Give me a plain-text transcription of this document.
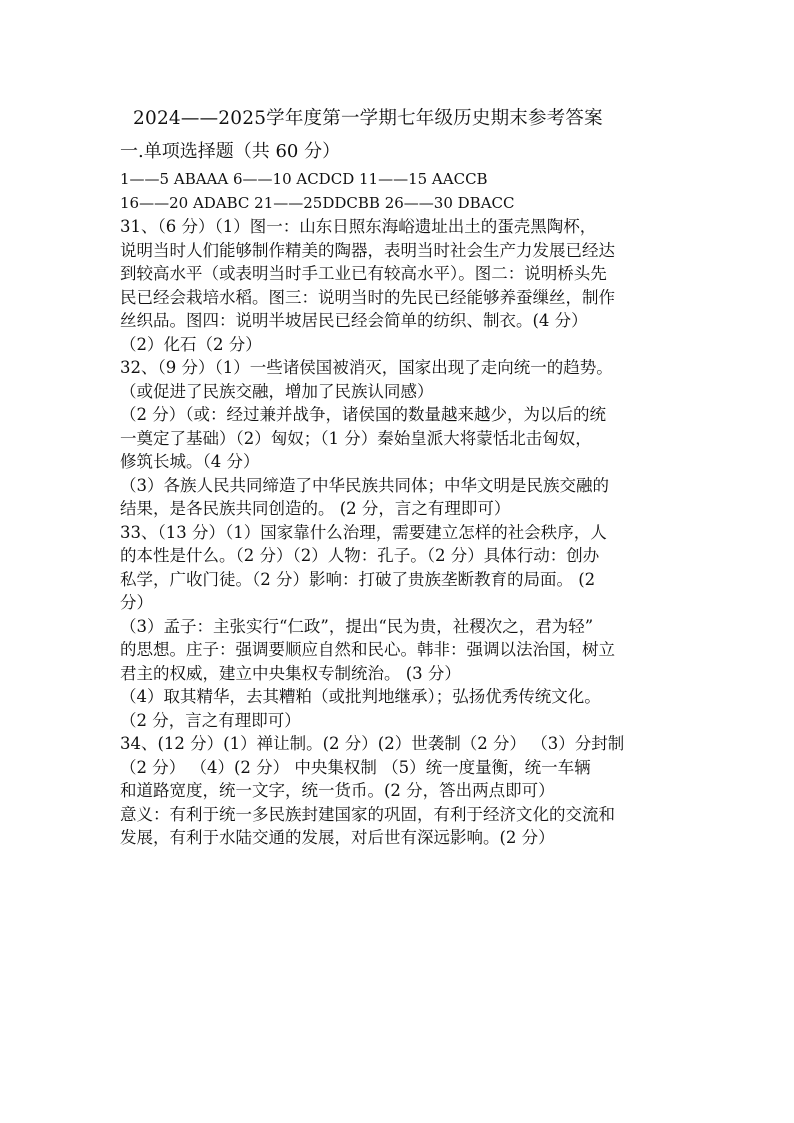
2024——2025学年度第一学期七年级历史期末参考答案
一.单项选择题（共 60 分）
1——5 ABAAA 6——10 ACDCD 11——15 AACCB
16——20 ADABC 21——25DDCBB 26——30 DBACC
31、（6 分）（1）图一：山东日照东海峪遗址出土的蛋壳黑陶杯，
说明当时人们能够制作精美的陶器，表明当时社会生产力发展已经达
到较高水平（或表明当时手工业已有较高水平）。图二：说明桥头先
民已经会栽培水稻。图三：说明当时的先民已经能够养蚕缫丝，制作
丝织品。图四：说明半坡居民已经会简单的纺织、制衣。(4 分）
（2）化石（2 分）
32、（9 分）（1）一些诸侯国被消灭，国家出现了走向统一的趋势。
（或促进了民族交融，增加了民族认同感）
（2 分）（或：经过兼并战争，诸侯国的数量越来越少，为以后的统
一奠定了基础）（2）匈奴；（1 分）秦始皇派大将蒙恬北击匈奴，
修筑长城。（4 分）
（3）各族人民共同缔造了中华民族共同体；中华文明是民族交融的
结果，是各民族共同创造的。 (2 分，言之有理即可）
33、（13 分）（1）国家靠什么治理，需要建立怎样的社会秩序，人
的本性是什么。（2 分）（2）人物：孔子。（2 分）具体行动：创办
私学，广收门徒。（2 分）影响：打破了贵族垄断教育的局面。 (2
分）
（3）孟子：主张实行“仁政”，提出“民为贵，社稷次之，君为轻”
的思想。庄子：强调要顺应自然和民心。韩非：强调以法治国，树立
君主的权威，建立中央集权专制统治。 (3 分）
（4）取其精华，去其糟粕（或批判地继承）；弘扬优秀传统文化。
（2 分，言之有理即可）
34、(12 分）(1）禅让制。(2 分）(2）世袭制（2 分） （3）分封制
（2 分） （4）(2 分） 中央集权制 （5）统一度量衡，统一车辆
和道路宽度，统一文字，统一货币。(2 分，答出两点即可）
意义：有利于统一多民族封建国家的巩固，有利于经济文化的交流和
发展，有利于水陆交通的发展，对后世有深远影响。(2 分）
